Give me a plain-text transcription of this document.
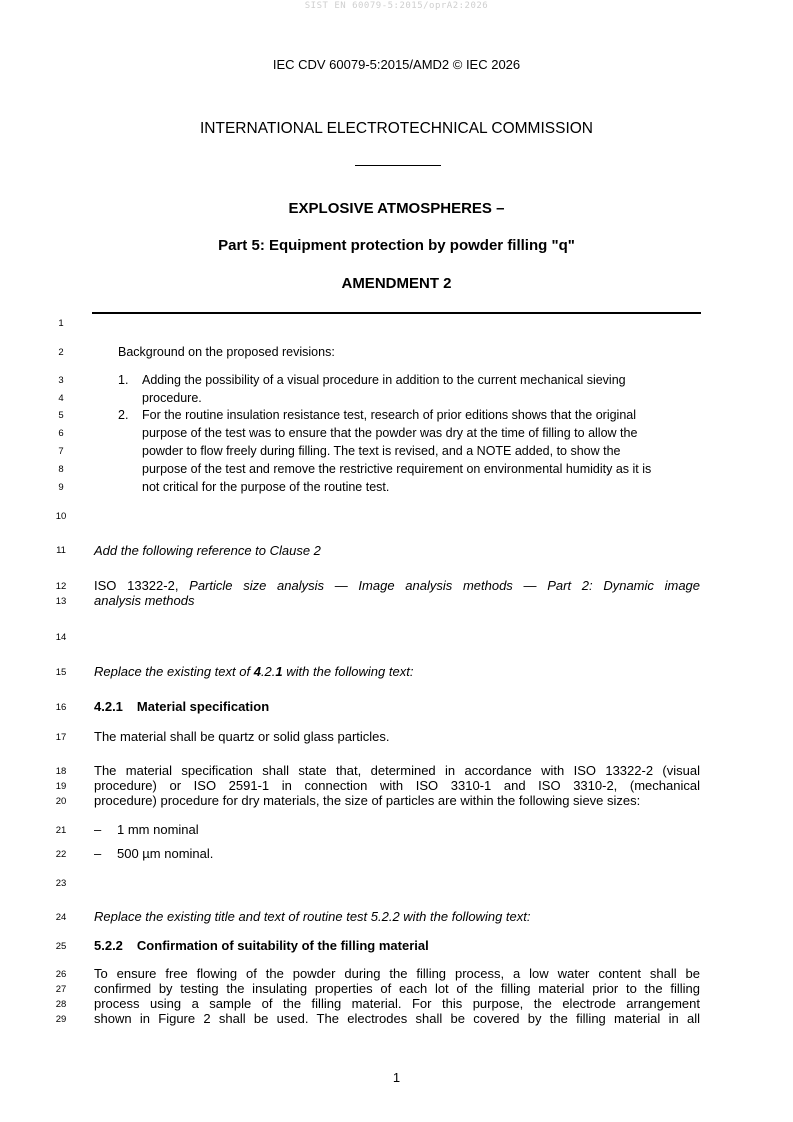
SIST EN 60079-5:2015/oprA2:2026
IEC CDV 60079-5:2015/AMD2 © IEC 2026
INTERNATIONAL ELECTROTECHNICAL COMMISSION
EXPLOSIVE ATMOSPHERES –
Part 5: Equipment protection by powder filling "q"
AMENDMENT 2
1
2
3
4
5
6
7
8
9
10
11
12
13
14
15
16
17
18
19
20
21
22
23
24
25
26
27
28
29
Background on the proposed revisions:
1. Adding the possibility of a visual procedure in addition to the current mechanical sieving
procedure.
2. For the routine insulation resistance test, research of prior editions shows that the original
purpose of the test was to ensure that the powder was dry at the time of filling to allow the
powder to flow freely during filling. The text is revised, and a NOTE added, to show the
purpose of the test and remove the restrictive requirement on environmental humidity as it is
not critical for the purpose of the routine test.
Add the following reference to Clause 2
ISO 13322-2, Particle size analysis — Image analysis methods — Part 2: Dynamic image
analysis methods
Replace the existing text of 4.2.1 with the following text:
4.2.1 Material specification
The material shall be quartz or solid glass particles.
The material specification shall state that, determined in accordance with ISO 13322-2 (visual
procedure) or ISO 2591-1 in connection with ISO 3310-1 and ISO 3310-2, (mechanical
procedure) procedure for dry materials, the size of particles are within the following sieve sizes:
– 1 mm nominal
– 500 µm nominal.
Replace the existing title and text of routine test 5.2.2 with the following text:
5.2.2 Confirmation of suitability of the filling material
To ensure free flowing of the powder during the filling process, a low water content shall be
confirmed by testing the insulating properties of each lot of the filling material prior to the filling
process using a sample of the filling material. For this purpose, the electrode arrangement
shown in Figure 2 shall be used. The electrodes shall be covered by the filling material in all
1
